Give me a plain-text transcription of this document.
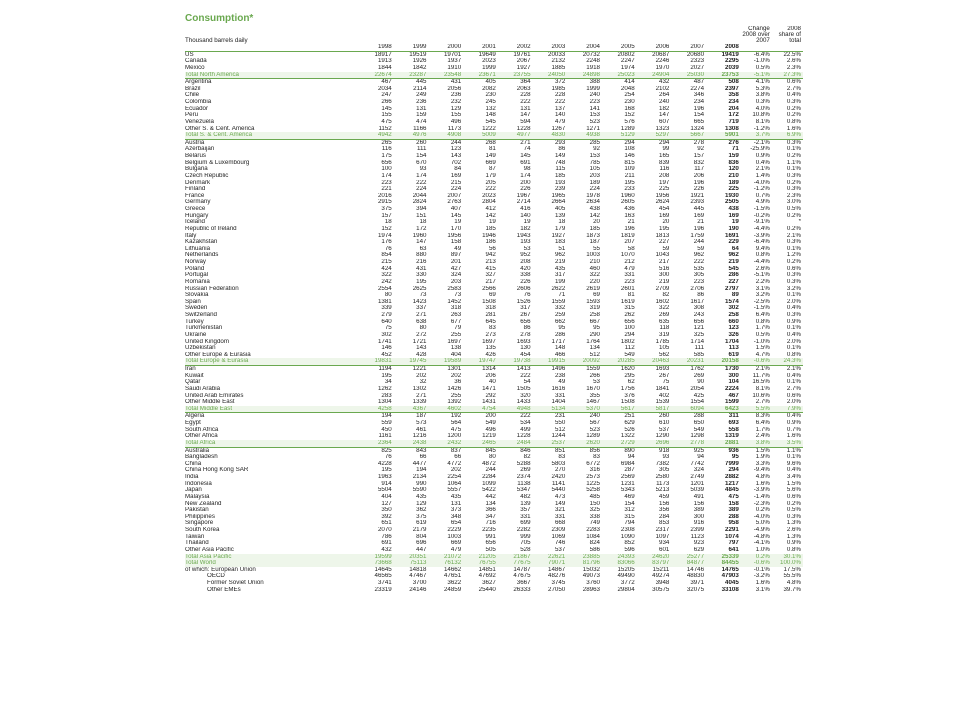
Consumption*
Thousand barrels daily												Change 2008 over 2007	2008 share of total
	1998	1999	2000	2001	2002	2003	2004	2005	2006	2007	2008		
US	18917	19519	19701	19649	19761	20033	20732	20802	20687	20680	19419	-6.4%	22.5%
Canada	1913	1926	1937	2023	2067	2132	2248	2247	2246	2323	2295	-1.0%	2.6%
Mexico	1844	1842	1910	1999	1927	1885	1918	1974	1970	2027	2039	0.5%	2.3%
Total North America	22674	23287	23548	23671	23755	24050	24898	25023	24904	25030	23753	-5.1%	27.3%
Argentina	467	445	431	405	364	372	388	414	432	487	508	4.1%	0.6%
Brazil	2034	2114	2056	2082	2063	1985	1999	2048	2102	2274	2397	5.3%	2.7%
Chile	247	249	236	230	228	228	240	254	264	346	358	3.8%	0.4%
Colombia	266	236	232	245	222	222	223	230	240	234	234	0.3%	0.3%
Ecuador	145	131	129	132	131	137	141	168	182	196	204	4.0%	0.2%
Peru	155	159	155	148	147	140	153	152	147	154	172	10.8%	0.2%
Venezuela	475	474	496	545	594	479	523	576	607	665	719	8.1%	0.8%
Other S. & Cent. America	1152	1166	1173	1222	1228	1267	1271	1289	1323	1324	1308	-1.2%	1.6%
Total S. & Cent. America	4942	4976	4908	5009	4977	4830	4938	5129	5297	5667	5901	3.7%	6.9%
Austria	265	260	244	268	271	293	285	294	294	278	276	-2.1%	0.3%
Azerbaijan	116	111	123	81	74	86	92	108	99	92	71	-25.9%	0.1%
Belarus	175	154	143	149	145	149	153	146	165	157	159	0.9%	0.2%
Belgium & Luxembourg	656	670	702	669	691	748	785	815	839	832	836	0.4%	1.1%
Bulgaria	100	93	84	87	98	115	105	109	116	117	120	2.1%	0.1%
Czech Republic	174	174	169	179	174	185	203	211	208	206	210	1.4%	0.3%
Denmark	223	222	215	205	200	193	189	195	197	196	189	-4.0%	0.2%
Finland	221	224	224	222	226	239	224	233	225	226	225	-1.2%	0.3%
France	2016	2044	2007	2023	1967	1965	1978	1960	1956	1921	1930	0.7%	2.3%
Germany	2915	2824	2763	2804	2714	2664	2634	2605	2624	2393	2505	4.9%	3.0%
Greece	375	394	407	412	416	405	438	436	454	445	438	-1.5%	0.5%
Hungary	157	151	145	142	140	139	142	163	169	169	169	-0.2%	0.2%
Iceland	18	18	19	19	19	18	20	21	20	21	19	-9.1%	*
Republic of Ireland	152	172	170	185	182	179	185	196	195	196	190	-4.4%	0.2%
Italy	1974	1960	1956	1946	1943	1927	1873	1819	1813	1759	1691	-3.9%	2.1%
Kazakhstan	176	147	158	186	193	183	187	207	227	244	229	-6.4%	0.3%
Lithuania	76	63	49	56	53	51	55	58	59	59	64	9.4%	0.1%
Netherlands	854	880	897	942	952	962	1003	1070	1043	962	962	0.8%	1.2%
Norway	215	216	201	213	208	219	210	212	217	222	219	-4.4%	0.2%
Poland	424	431	427	415	420	435	460	479	516	535	545	2.6%	0.6%
Portugal	322	330	324	327	338	317	322	331	300	305	286	-5.1%	0.3%
Romania	242	195	203	217	226	199	220	223	219	223	227	2.2%	0.3%
Russian Federation	2554	2625	2583	2566	2606	2622	2619	2601	2709	2706	2797	3.1%	3.2%
Slovakia	80	73	73	69	76	71	69	81	82	86	89	3.2%	0.1%
Spain	1381	1423	1452	1508	1526	1559	1593	1619	1602	1617	1574	-2.5%	2.0%
Sweden	339	337	318	318	317	332	319	315	322	308	302	-1.5%	0.4%
Switzerland	279	271	263	281	267	259	258	262	269	243	258	6.4%	0.3%
Turkey	640	638	677	645	656	662	667	656	635	656	660	0.8%	0.9%
Turkmenistan	75	80	79	83	86	95	95	100	118	121	123	1.7%	0.1%
Ukraine	302	272	255	273	278	286	290	294	319	325	326	0.5%	0.4%
United Kingdom	1741	1721	1697	1697	1693	1717	1764	1802	1785	1714	1704	-1.0%	2.0%
Uzbekistan	146	143	138	135	130	148	134	112	105	111	113	1.5%	0.1%
Other Europe & Eurasia	452	428	404	426	454	466	512	549	562	585	619	4.7%	0.8%
Total Europe & Eurasia	19831	19745	19589	19747	19738	19915	20092	20285	20463	20231	20158	-0.6%	24.3%
Iran	1194	1221	1301	1314	1413	1496	1559	1620	1693	1762	1730	2.1%	2.1%
Kuwait	195	202	202	206	222	238	266	295	267	269	300	11.7%	0.4%
Qatar	34	32	36	40	54	49	53	62	75	90	104	16.5%	0.1%
Saudi Arabia	1262	1302	1426	1471	1505	1616	1670	1756	1841	2054	2224	8.1%	2.7%
United Arab Emirates	283	271	255	292	320	331	355	376	402	425	467	10.6%	0.6%
Other Middle East	1304	1339	1392	1431	1433	1404	1467	1508	1539	1554	1599	2.7%	2.0%
Total Middle East	4258	4367	4602	4754	4948	5134	5370	5617	5817	6094	6423	5.5%	7.9%
Algeria	194	187	192	200	222	231	240	251	260	288	311	8.3%	0.4%
Egypt	559	573	564	549	534	550	567	629	610	650	693	6.4%	0.9%
South Africa	450	461	475	496	499	512	523	526	537	549	558	1.7%	0.7%
Other Africa	1161	1216	1200	1219	1228	1244	1289	1322	1290	1298	1319	2.4%	1.6%
Total Africa	2364	2438	2432	2465	2484	2537	2620	2729	2696	2778	2881	3.8%	3.5%
Australia	825	843	837	845	846	851	856	890	918	925	936	1.5%	1.1%
Bangladesh	76	66	66	80	82	83	83	94	93	94	95	1.9%	0.1%
China	4228	4477	4772	4872	5288	5803	6772	6984	7382	7742	7999	3.3%	9.6%
China Hong Kong SAR	195	194	202	244	269	270	316	287	305	324	294	-9.4%	0.4%
India	1963	2134	2254	2284	2374	2420	2573	2569	2580	2749	2882	4.8%	3.4%
Indonesia	914	990	1064	1099	1138	1141	1225	1231	1173	1201	1217	1.6%	1.5%
Japan	5504	5590	5557	5422	5347	5440	5258	5343	5213	5039	4845	-3.9%	5.6%
Malaysia	404	435	435	442	482	473	485	469	459	491	475	-1.4%	0.6%
New Zealand	127	129	131	134	139	149	150	154	156	156	158	-2.3%	0.2%
Pakistan	350	362	373	366	357	321	325	312	356	389	389	0.2%	0.5%
Philippines	392	375	348	347	331	331	338	315	284	300	288	-4.0%	0.3%
Singapore	651	619	654	716	699	668	749	794	853	916	958	5.0%	1.3%
South Korea	2070	2179	2229	2235	2282	2309	2283	2308	2317	2399	2291	-4.9%	2.6%
Taiwan	786	804	1003	991	999	1069	1084	1090	1097	1123	1074	-4.8%	1.3%
Thailand	691	696	669	656	705	746	824	852	934	923	797	-4.1%	0.9%
Other Asia Pacific	432	447	479	505	528	537	586	596	601	629	641	1.0%	0.8%
Total Asia Pacific	19599	20351	21072	21205	21867	22621	23885	24393	24620	25277	25339	0.2%	30.1%
Total World	73668	75113	76132	76755	77675	79071	81796	83066	83797	84877	84455	-0.6%	100.0%
of which: European Union	14645	14818	14662	14851	14787	14867	15032	15205	15211	14746	14765	-0.1%	17.5%
OECD	46565	47467	47651	47692	47675	48276	49073	49490	49274	48830	47903	-3.2%	55.5%
Former Soviet Union	3741	3700	3622	3627	3667	3745	3760	3772	3948	3971	4045	1.6%	4.8%
Other EMEs	23319	24146	24859	25440	26333	27050	28963	29804	30575	32075	33108	3.1%	39.7%
